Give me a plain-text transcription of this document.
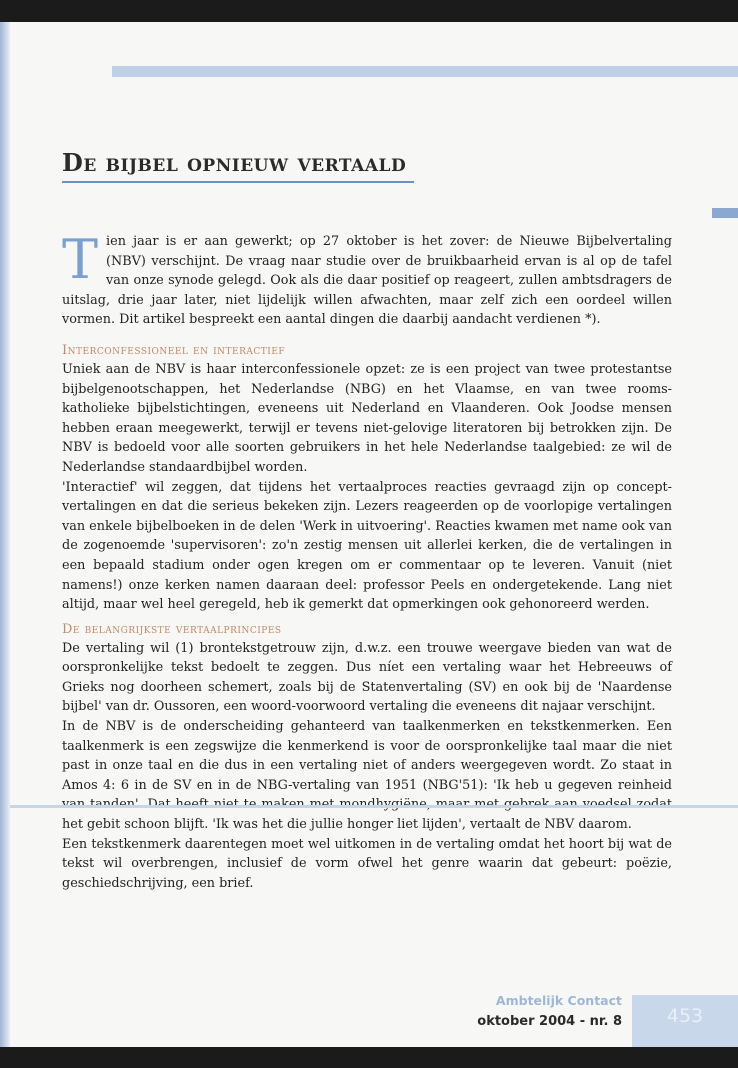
De bijbel opnieuw vertaald

Tien jaar is er aan gewerkt; op 27 oktober is het zover: de Nieuwe Bijbelvertaling (NBV) verschijnt. De vraag naar studie over de bruikbaarheid ervan is al op de tafel van onze synode gelegd. Ook als die daar positief op reageert, zullen ambtsdragers de uitslag, drie jaar later, niet lijdelijk willen afwachten, maar zelf zich een oordeel willen vormen. Dit artikel bespreekt een aantal dingen die daarbij aandacht verdienen *).

Interconfessioneel en interactief

Uniek aan de NBV is haar interconfessionele opzet: ze is een project van twee protestantse bijbelgenootschappen, het Nederlandse (NBG) en het Vlaamse, en van twee rooms-katholieke bijbelstichtingen, eveneens uit Nederland en Vlaanderen. Ook Joodse mensen hebben eraan meegewerkt, terwijl er tevens niet-gelovige literatoren bij betrokken zijn. De NBV is bedoeld voor alle soorten gebruikers in het hele Nederlandse taalgebied: ze wil de Nederlandse standaardbijbel worden.

'Interactief' wil zeggen, dat tijdens het vertaalproces reacties gevraagd zijn op concept-vertalingen en dat die serieus bekeken zijn. Lezers reageerden op de voorlopige vertalingen van enkele bijbelboeken in de delen 'Werk in uitvoering'. Reacties kwamen met name ook van de zogenoemde 'supervisoren': zo'n zestig mensen uit allerlei kerken, die de vertalingen in een bepaald stadium onder ogen kregen om er commentaar op te leveren. Vanuit (niet namens!) onze kerken namen daaraan deel: professor Peels en ondergetekende. Lang niet altijd, maar wel heel geregeld, heb ik gemerkt dat opmerkingen ook gehonoreerd werden.

De belangrijkste vertaalprincipes

De vertaling wil (1) brontekstgetrouw zijn, d.w.z. een trouwe weergave bieden van wat de oorspronkelijke tekst bedoelt te zeggen. Dus níet een vertaling waar het Hebreeuws of Grieks nog doorheen schemert, zoals bij de Statenvertaling (SV) en ook bij de 'Naardense bijbel' van dr. Oussoren, een woord-voorwoord vertaling die eveneens dit najaar verschijnt.

In de NBV is de onderscheiding gehanteerd van taalkenmerken en tekstkenmerken. Een taalkenmerk is een zegswijze die kenmerkend is voor de oorspronkelijke taal maar die niet past in onze taal en die dus in een vertaling niet of anders weergegeven wordt. Zo staat in Amos 4: 6 in de SV en in de NBG-vertaling van 1951 (NBG'51): 'Ik heb u gegeven reinheid het gebit schoon blijft. 'Ik was het die jullie honger liet lijden', vertaalt de NBV daarom.

Een tekstkenmerk daarentegen moet wel uitkomen in de vertaling omdat het hoort bij wat de tekst wil overbrengen, inclusief de vorm ofwel het genre waarin dat gebeurt: poëzie, geschiedschrijving, een brief.

Ambtelijk Contact
oktober 2004 - nr. 8	453
